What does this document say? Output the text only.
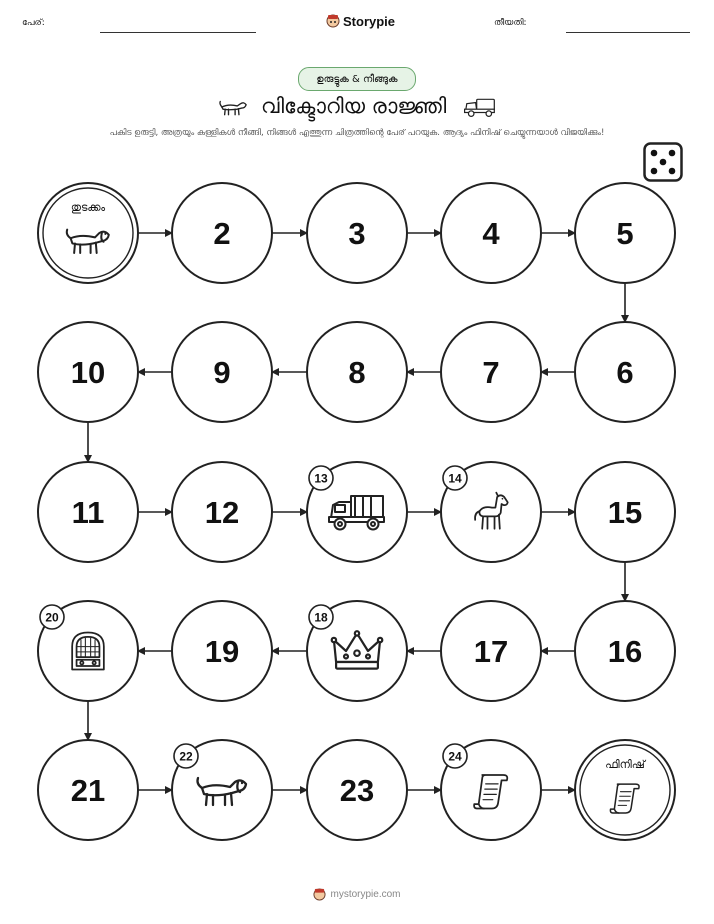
പേര്:	Storypie	തീയതി:
ഉരുട്ടുക & നീങ്ങുക
വിക്ടോറിയ രാജ്ഞി
പകിട ഉരുട്ടി, അത്രയും കള്ളികൾ നീങ്ങി, നിങ്ങൾ എത്തുന്ന ചിത്രത്തിന്റെ പേര് പറയുക. ആദ്യം ഫിനിഷ് ചെയ്യുന്നയാൾ വിജയിക്കും!
തുടക്കം
2	3	4	5
6
7
8
9
10
11	12
13	14
15
16
17
18
19
20
21
22
23
24
ഫിനിഷ്
mystorypie.com
